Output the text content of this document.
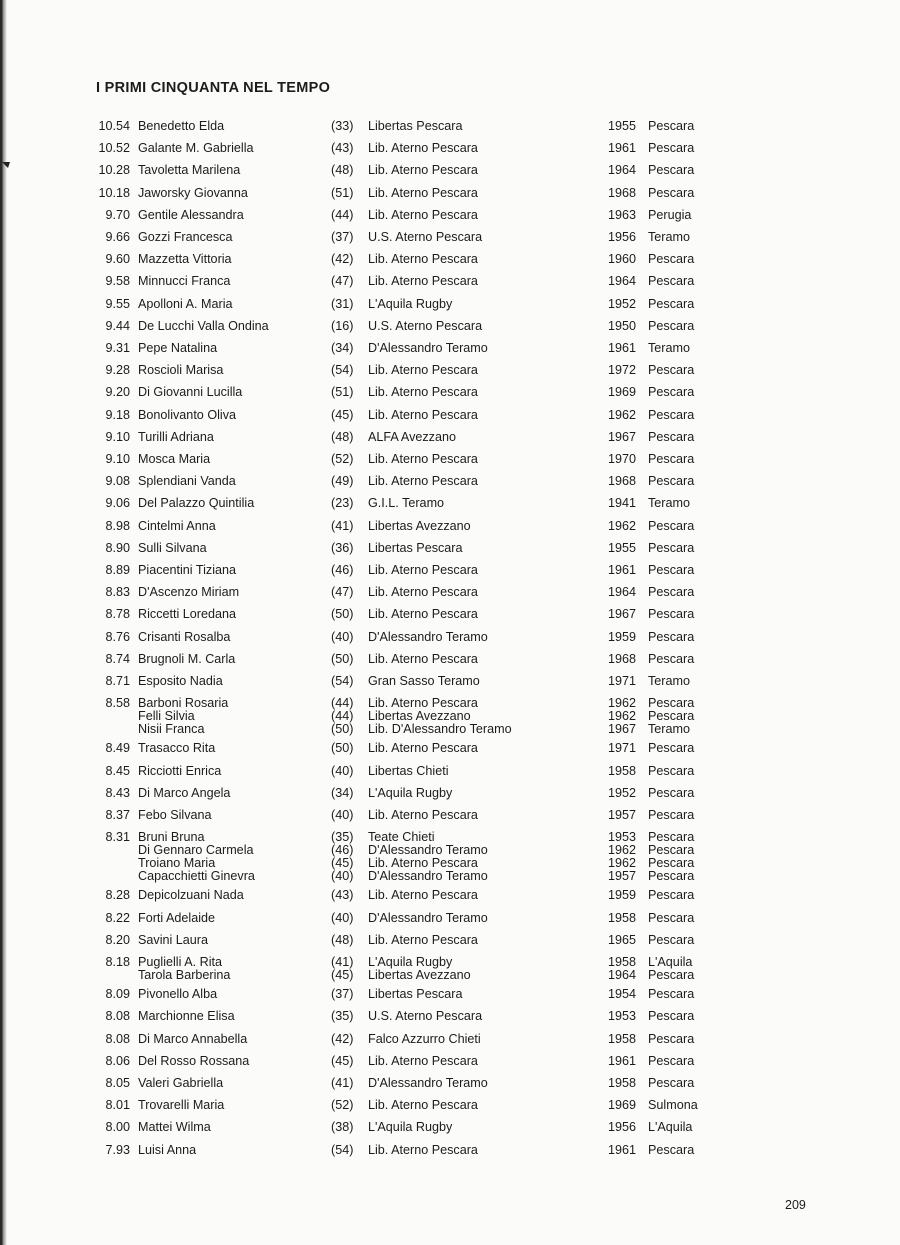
I PRIMI CINQUANTA NEL TEMPO
10.54 Benedetto Elda	(33) Libertas Pescara	1955 Pescara
10.52 Galante M. Gabriella	(43) Lib. Aterno Pescara	1961 Pescara
10.28 Tavoletta Marilena	(48) Lib. Aterno Pescara	1964 Pescara
10.18 Jaworsky Giovanna	(51) Lib. Aterno Pescara	1968 Pescara
9.70 Gentile Alessandra	(44) Lib. Aterno Pescara	1963 Perugia
9.66 Gozzi Francesca	(37) U.S. Aterno Pescara	1956 Teramo
9.60 Mazzetta Vittoria	(42) Lib. Aterno Pescara	1960 Pescara
9.58 Minnucci Franca	(47) Lib. Aterno Pescara	1964 Pescara
9.55 Apolloni A. Maria	(31) L'Aquila Rugby	1952 Pescara
9.44 De Lucchi Valla Ondina	(16) U.S. Aterno Pescara	1950 Pescara
9.31 Pepe Natalina	(34) D'Alessandro Teramo	1961 Teramo
9.28 Roscioli Marisa	(54) Lib. Aterno Pescara	1972 Pescara
9.20 Di Giovanni Lucilla	(51) Lib. Aterno Pescara	1969 Pescara
9.18 Bonolivanto Oliva	(45) Lib. Aterno Pescara	1962 Pescara
9.10 Turilli Adriana	(48) ALFA Avezzano	1967 Pescara
9.10 Mosca Maria	(52) Lib. Aterno Pescara	1970 Pescara
9.08 Splendiani Vanda	(49) Lib. Aterno Pescara	1968 Pescara
9.06 Del Palazzo Quintilia	(23) G.I.L. Teramo	1941 Teramo
8.98 Cintelmi Anna	(41) Libertas Avezzano	1962 Pescara
8.90 Sulli Silvana	(36) Libertas Pescara	1955 Pescara
8.89 Piacentini Tiziana	(46) Lib. Aterno Pescara	1961 Pescara
8.83 D'Ascenzo Miriam	(47) Lib. Aterno Pescara	1964 Pescara
8.78 Riccetti Loredana	(50) Lib. Aterno Pescara	1967 Pescara
8.76 Crisanti Rosalba	(40) D'Alessandro Teramo	1959 Pescara
8.74 Brugnoli M. Carla	(50) Lib. Aterno Pescara	1968 Pescara
8.71 Esposito Nadia	(54) Gran Sasso Teramo	1971 Teramo
8.58 Barboni Rosaria	(44) Lib. Aterno Pescara	1962 Pescara
Felli Silvia	(44) Libertas Avezzano	1962 Pescara
Nisii Franca	(50) Lib. D'Alessandro Teramo	1967 Teramo
8.49 Trasacco Rita	(50) Lib. Aterno Pescara	1971 Pescara
8.45 Ricciotti Enrica	(40) Libertas Chieti	1958 Pescara
8.43 Di Marco Angela	(34) L'Aquila Rugby	1952 Pescara
8.37 Febo Silvana	(40) Lib. Aterno Pescara	1957 Pescara
8.31 Bruni Bruna	(35) Teate Chieti	1953 Pescara
Di Gennaro Carmela	(46) D'Alessandro Teramo	1962 Pescara
Troiano Maria	(45) Lib. Aterno Pescara	1962 Pescara
Capacchietti Ginevra	(40) D'Alessandro Teramo	1957 Pescara
8.28 Depicolzuani Nada	(43) Lib. Aterno Pescara	1959 Pescara
8.22 Forti Adelaide	(40) D'Alessandro Teramo	1958 Pescara
8.20 Savini Laura	(48) Lib. Aterno Pescara	1965 Pescara
8.18 Puglielli A. Rita	(41) L'Aquila Rugby	1958 L'Aquila
Tarola Barberina	(45) Libertas Avezzano	1964 Pescara
8.09 Pivonello Alba	(37) Libertas Pescara	1954 Pescara
8.08 Marchionne Elisa	(35) U.S. Aterno Pescara	1953 Pescara
8.08 Di Marco Annabella	(42) Falco Azzurro Chieti	1958 Pescara
8.06 Del Rosso Rossana	(45) Lib. Aterno Pescara	1961 Pescara
8.05 Valeri Gabriella	(41) D'Alessandro Teramo	1958 Pescara
8.01 Trovarelli Maria	(52) Lib. Aterno Pescara	1969 Sulmona
8.00 Mattei Wilma	(38) L'Aquila Rugby	1956 L'Aquila
7.93 Luisi Anna	(54) Lib. Aterno Pescara	1961 Pescara
209
